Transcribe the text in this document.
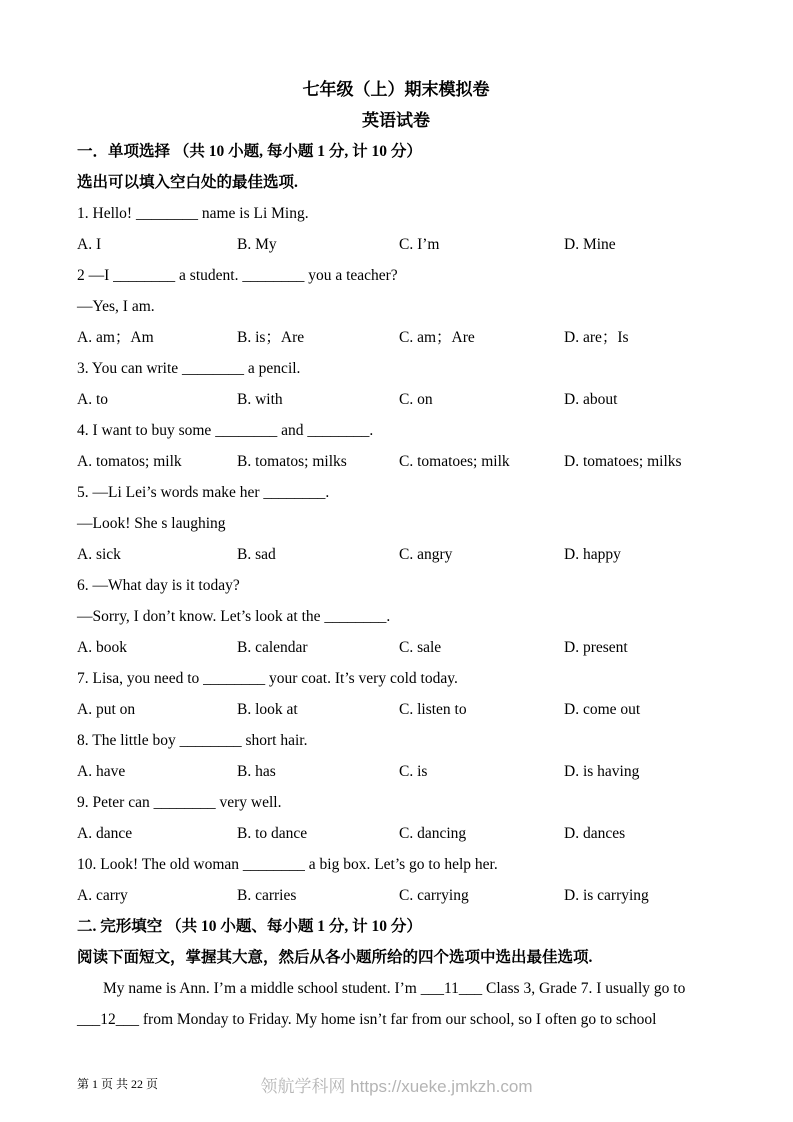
七年级（上）期末模拟卷
英语试卷
一．单项选择 （共 10 小题, 每小题 1 分, 计 10 分）
选出可以填入空白处的最佳选项.
1. Hello! ________ name is Li Ming.
A. I	B. My	C. I’m	D. Mine
2 —I ________ a student. ________ you a teacher?
—Yes, I am.
A. am；Am	B. is；Are	C. am；Are	D. are；Is
3. You can write ________ a pencil.
A. to	B. with	C. on	D. about
4. I want to buy some ________ and ________.
A. tomatos; milk	B. tomatos; milks	C. tomatoes; milk	D. tomatoes; milks
5. —Li Lei’s words make her ________.
—Look! She s laughing
A. sick	B. sad	C. angry	D. happy
6. —What day is it today?
—Sorry, I don’t know. Let’s look at the ________.
A. book	B. calendar	C. sale	D. present
7. Lisa, you need to ________ your coat. It’s very cold today.
A. put on	B. look at	C. listen to	D. come out
8. The little boy ________ short hair.
A. have	B. has	C. is	D. is having
9. Peter can ________ very well.
A. dance	B. to dance	C. dancing	D. dances
10. Look! The old woman ________ a big box. Let’s go to help her.
A. carry	B. carries	C. carrying	D. is carrying
二. 完形填空 （共 10 小题、每小题 1 分, 计 10 分）
阅读下面短文，掌握其大意，然后从各小题所给的四个选项中选出最佳选项.
My name is Ann. I’m a middle school student. I’m ___11___ Class 3, Grade 7. I usually go to
___12___ from Monday to Friday. My home isn’t far from our school, so I often go to school
第 1 页 共 22 页	领航学科网 https://xueke.jmkzh.com
